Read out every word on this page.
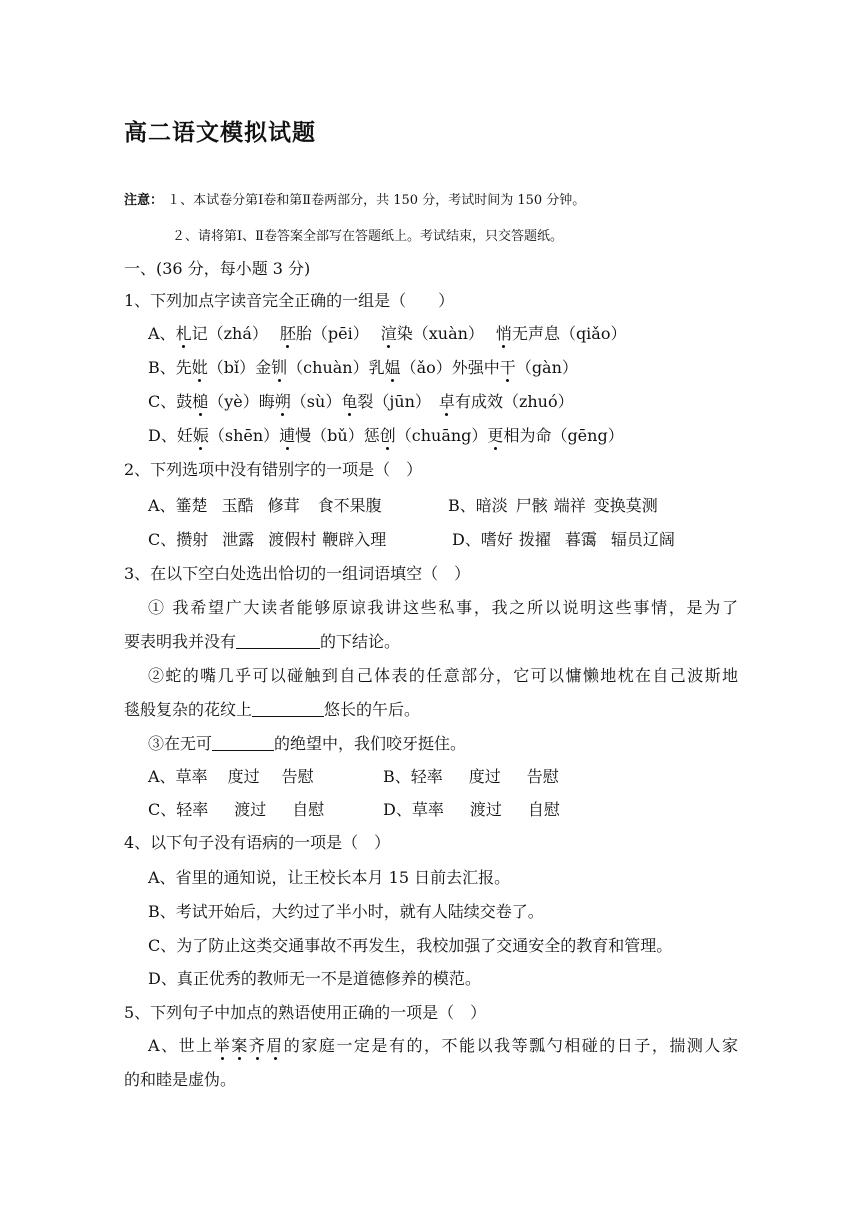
高二语文模拟试题
注意： １、本试卷分第Ⅰ卷和第Ⅱ卷两部分，共 150 分，考试时间为 150 分钟。
２、请将第Ⅰ、Ⅱ卷答案全部写在答题纸上。考试结束，只交答题纸。
一、(36 分，每小题 3 分)
1、下列加点字读音完全正确的一组是（　　）
A、札记（zhá） 胚胎（pēi） 渲染（xuàn） 悄无声息（qiǎo）
B、先妣（bǐ）金钏（chuàn）乳媪（ǎo）外强中干（gàn）
C、鼓槌（yè）晦朔（sù）龟裂（jūn） 卓有成效（zhuó）
D、妊娠（shēn）逋慢（bǔ）惩创（chuāng）更相为命（gēng）
2、下列选项中没有错别字的一项是（　）
A、箠楚 玉酷 修茸 食不果腹	B、暗淡 尸骸 端祥 变换莫测
C、攒射 泄露 渡假村 鞭辟入理	D、嗜好 拨擢 暮霭 辐员辽阔
3、在以下空白处选出恰切的一组词语填空（　）
① 我希望广大读者能够原谅我讲这些私事，我之所以说明这些事情，是为了
要表明我并没有	的下结论。
②蛇的嘴几乎可以碰触到自己体表的任意部分，它可以慵懒地枕在自己波斯地
毯般复杂的花纹上	悠长的午后。
③在无可	的绝望中，我们咬牙挺住。
A、草率 度过 告慰	B、轻率 度过 告慰
C、轻率 渡过 自慰	D、草率 渡过 自慰
4、以下句子没有语病的一项是（　）
A、省里的通知说，让王校长本月 15 日前去汇报。
B、考试开始后，大约过了半小时，就有人陆续交卷了。
C、为了防止这类交通事故不再发生，我校加强了交通安全的教育和管理。
D、真正优秀的教师无一不是道德修养的模范。
5、下列句子中加点的熟语使用正确的一项是（　）
A、世上举案齐眉的家庭一定是有的，不能以我等瓢勺相碰的日子，揣测人家
的和睦是虚伪。
